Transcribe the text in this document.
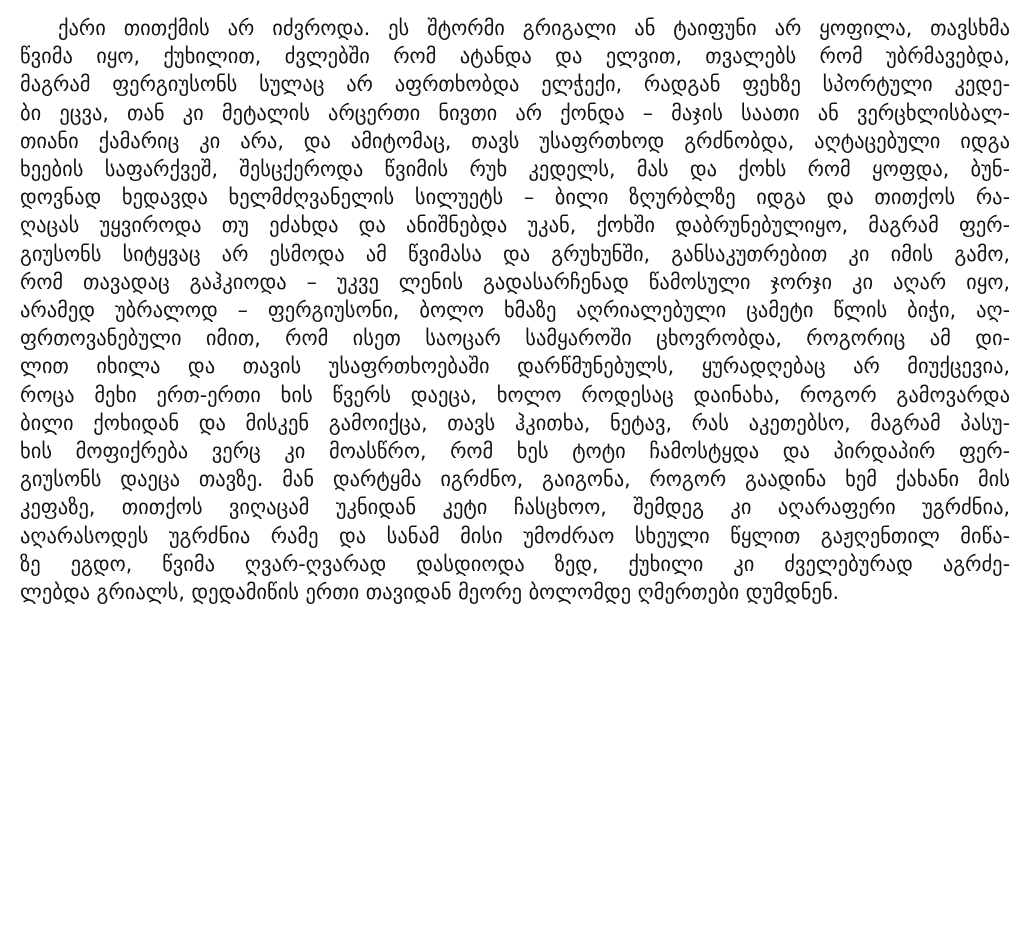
ქარი თითქმის არ იძვროდა. ეს შტორმი გრიგალი ან ტაიფუნი არ ყოფილა, თავსხმა
წვიმა იყო, ქუხილით, ძვლებში რომ ატანდა და ელვით, თვალებს რომ უბრმავებდა,
მაგრამ ფერგიუსონს სულაც არ აფრთხობდა ელჭექი, რადგან ფეხზე სპორტული კედე-
ბი ეცვა, თან კი მეტალის არცერთი ნივთი არ ქონდა – მაჯის საათი ან ვერცხლისბალ-
თიანი ქამარიც კი არა, და ამიტომაც, თავს უსაფრთხოდ გრძნობდა, აღტაცებული იდგა
ხეების საფარქვეშ, შესცქეროდა წვიმის რუხ კედელს, მას და ქოხს რომ ყოფდა, ბუნ-
დოვნად ხედავდა ხელმძღვანელის სილუეტს – ბილი ზღურბლზე იდგა და თითქოს რა-
ღაცას უყვიროდა თუ ეძახდა და ანიშნებდა უკან, ქოხში დაბრუნებულიყო, მაგრამ ფერ-
გიუსონს სიტყვაც არ ესმოდა ამ წვიმასა და გრუხუნში, განსაკუთრებით კი იმის გამო,
რომ თავადაც გაჰკიოდა – უკვე ლენის გადასარჩენად წამოსული ჯორჯი კი აღარ იყო,
არამედ უბრალოდ – ფერგიუსონი, ბოლო ხმაზე აღრიალებული ცამეტი წლის ბიჭი, აღ-
ფრთოვანებული იმით, რომ ისეთ საოცარ სამყაროში ცხოვრობდა, როგორიც ამ დი-
ლით იხილა და თავის უსაფრთხოებაში დარწმუნებულს, ყურადღებაც არ მიუქცევია,
როცა მეხი ერთ-ერთი ხის წვერს დაეცა, ხოლო როდესაც დაინახა, როგორ გამოვარდა
ბილი ქოხიდან და მისკენ გამოიქცა, თავს ჰკითხა, ნეტავ, რას აკეთებსო, მაგრამ პასუ-
ხის მოფიქრება ვერც კი მოასწრო, რომ ხეს ტოტი ჩამოსტყდა და პირდაპირ ფერ-
გიუსონს დაეცა თავზე. მან დარტყმა იგრძნო, გაიგონა, როგორ გაადინა ხემ ქახანი მის
კეფაზე, თითქოს ვიღაცამ უკნიდან კეტი ჩასცხოო, შემდეგ კი აღარაფერი უგრძნია,
აღარასოდეს უგრძნია რამე და სანამ მისი უმოძრაო სხეული წყლით გაჟღენთილ მიწა-
ზე ეგდო, წვიმა ღვარ-ღვარად დასდიოდა ზედ, ქუხილი კი ძველებურად აგრძე-
ლებდა გრიალს, დედამიწის ერთი თავიდან მეორე ბოლომდე ღმერთები დუმდნენ.
